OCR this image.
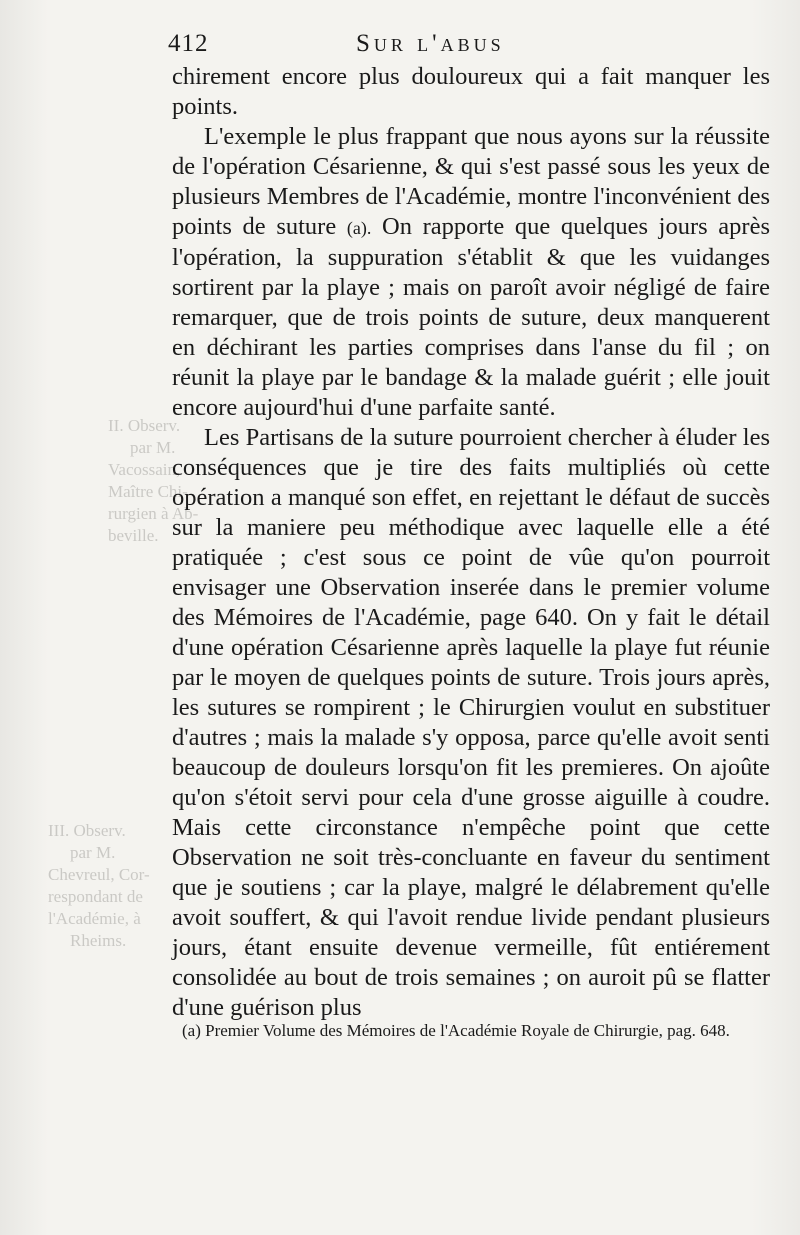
II. Observ.
par M.
Vacossain,
Maître Chi-
rurgien à Ab-
beville.
III. Observ.
par M.
Chevreul, Cor-
respondant de
l'Académie, à
Rheims.
412	Sur l'abus

chirement encore plus douloureux qui a fait manquer les points.

L'exemple le plus frappant que nous ayons sur la réussite de l'opération Césarienne, & qui s'est passé sous les yeux de plusieurs Membres de l'Académie, montre l'inconvénient des points de suture (a). On rapporte que quelques jours après l'opération, la suppuration s'établit & que les vuidanges sortirent par la playe ; mais on paroît avoir négligé de faire remarquer, que de trois points de suture, deux manquerent en déchirant les parties comprises dans l'anse du fil ; on réunit la playe par le bandage & la malade guérit ; elle jouit encore aujourd'hui d'une parfaite santé.

Les Partisans de la suture pourroient chercher à éluder les conséquences que je tire des faits multipliés où cette opération a manqué son effet, en rejettant le défaut de succès sur la maniere peu méthodique avec laquelle elle a été pratiquée ; c'est sous ce point de vûe qu'on pourroit envisager une Observation inserée dans le premier volume des Mémoires de l'Académie, page 640. On y fait le détail d'une opération Césarienne après laquelle la playe fut réunie par le moyen de quelques points de suture. Trois jours après, les sutures se rompirent ; le Chirurgien voulut en substituer d'autres ; mais la malade s'y opposa, parce qu'elle avoit senti beaucoup de douleurs lorsqu'on fit les premieres. On ajoûte qu'on s'étoit servi pour cela d'une grosse aiguille à coudre. Mais cette circonstance n'empêche point que cette Observation ne soit très-concluante en faveur du sentiment que je soutiens ; car la playe, malgré le délabrement qu'elle avoit souffert, & qui l'avoit rendue livide pendant plusieurs jours, étant ensuite devenue vermeille, fût entiérement consolidée au bout de trois semaines ; on auroit pû se flatter d'une guérison plus

(a) Premier Volume des Mémoires de l'Académie Royale de Chirurgie, pag. 648.
